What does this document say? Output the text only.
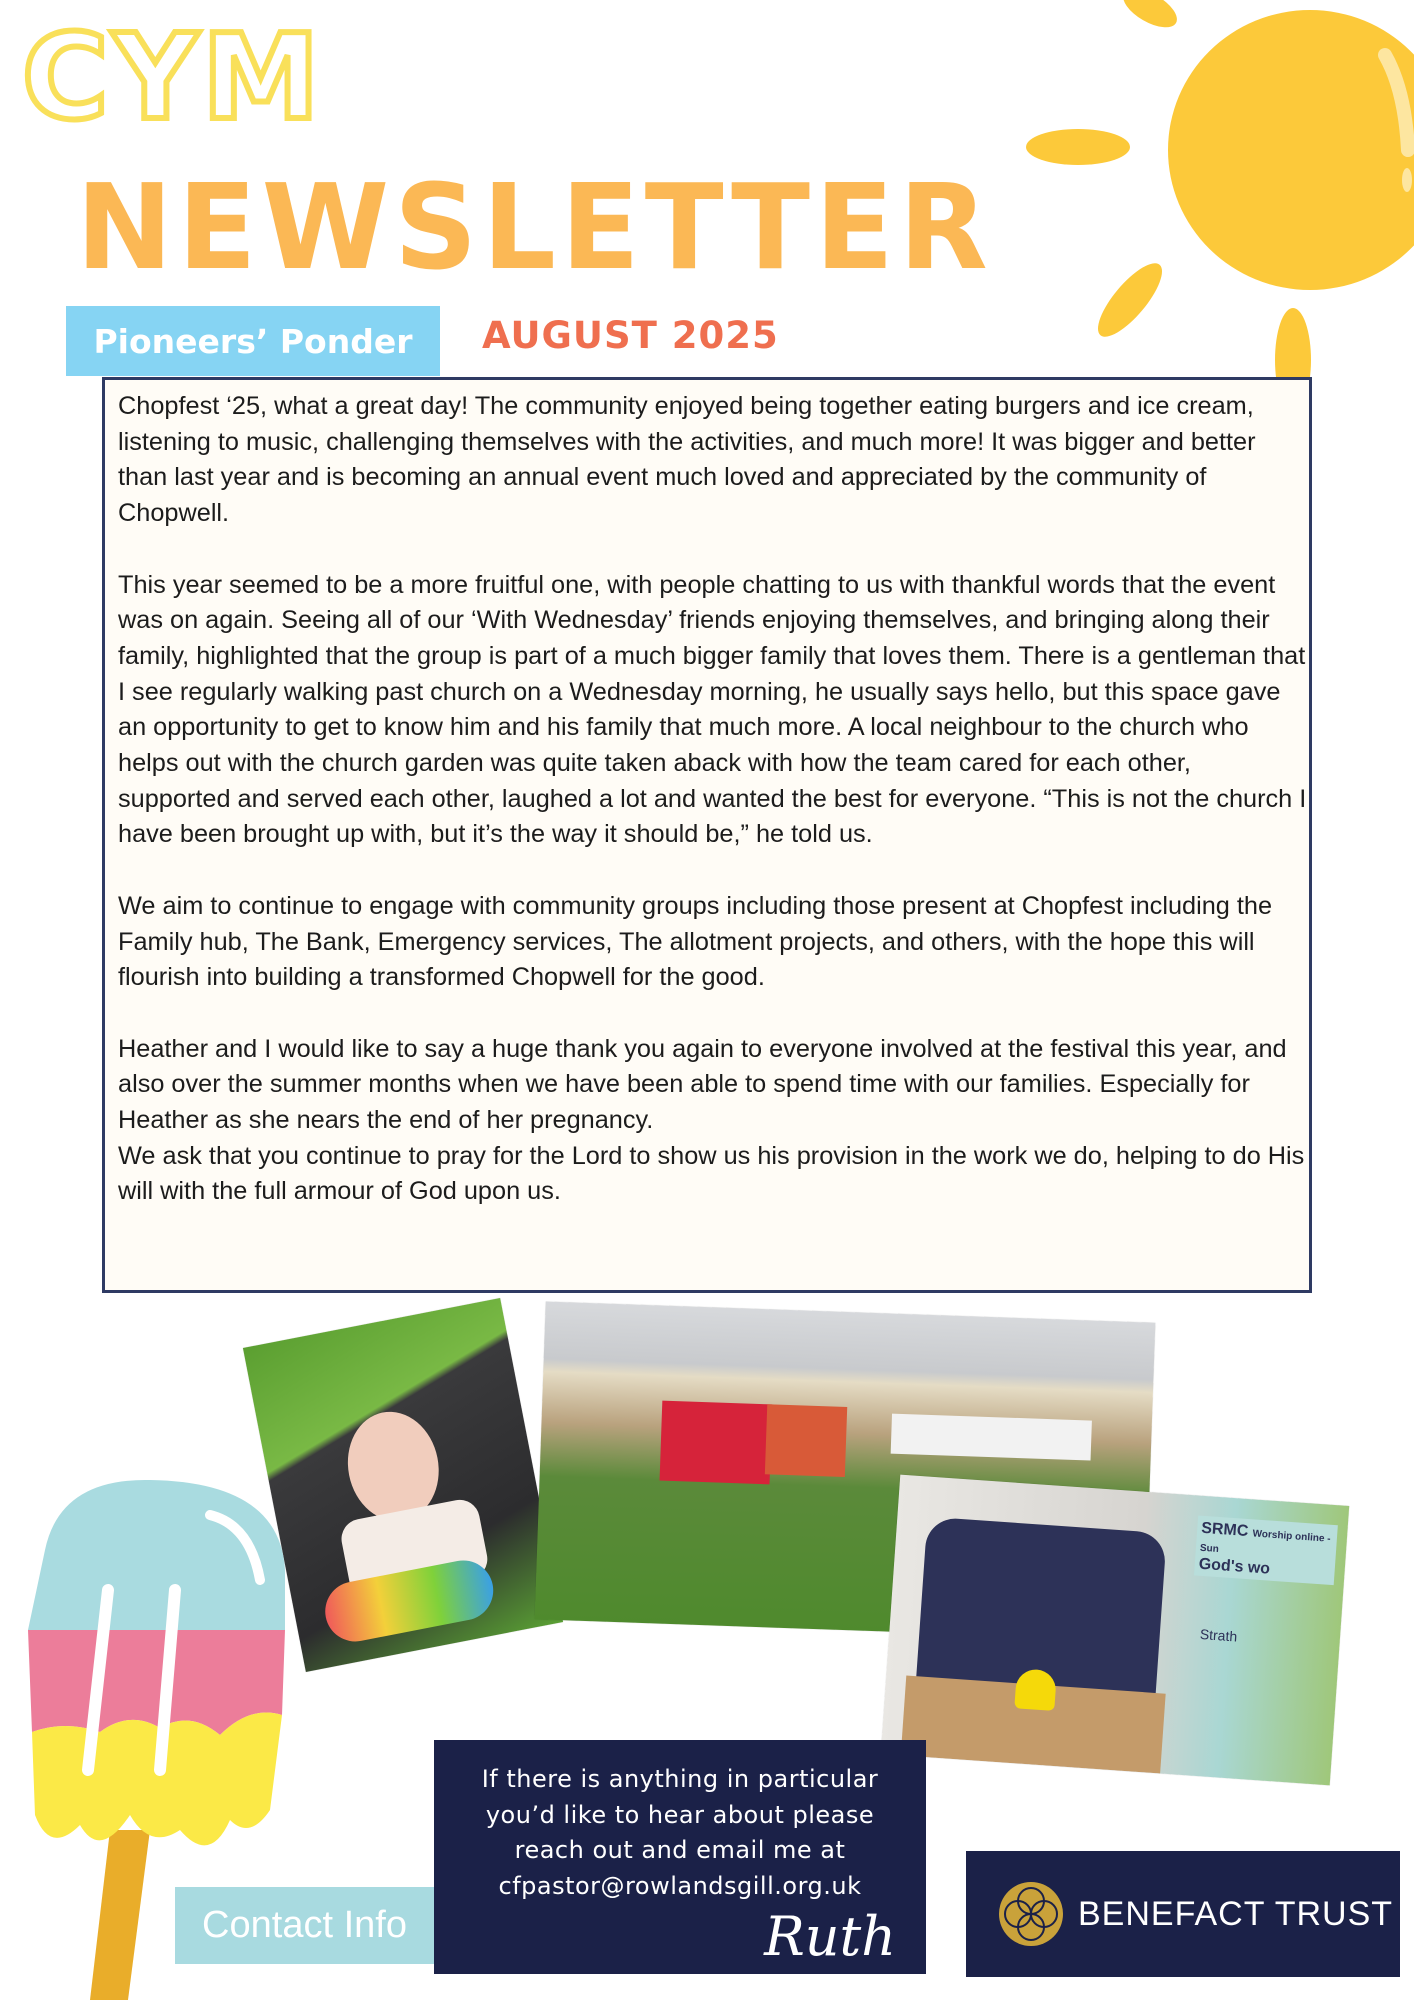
CYM
NEWSLETTER
Pioneers’ Ponder	AUGUST 2025

Chopfest ‘25, what a great day! The community enjoyed being together eating burgers and ice cream, listening to music, challenging themselves with the activities, and much more! It was bigger and better than last year and is becoming an annual event much loved and appreciated by the community of Chopwell.

This year seemed to be a more fruitful one, with people chatting to us with thankful words that the event was on again. Seeing all of our ‘With Wednesday’ friends enjoying themselves, and bringing along their family, highlighted that the group is part of a much bigger family that loves them. There is a gentleman that I see regularly walking past church on a Wednesday morning, he usually says hello, but this space gave an opportunity to get to know him and his family that much more. A local neighbour to the church who helps out with the church garden was quite taken aback with how the team cared for each other, supported and served each other, laughed a lot and wanted the best for everyone. “This is not the church I have been brought up with, but it’s the way it should be,” he told us.

We aim to continue to engage with community groups including those present at Chopfest including the Family hub, The Bank, Emergency services, The allotment projects, and others, with the hope this will flourish into building a transformed Chopwell for the good.

Heather and I would like to say a huge thank you again to everyone involved at the festival this year, and also over the summer months when we have been able to spend time with our families. Especially for Heather as she nears the end of her pregnancy.

We ask that you continue to pray for the Lord to show us his provision in the work we do, helping to do His will with the full armour of God upon us.

SRMC Worship online - Sun
God's wo
Strath
Contact Info
If there is anything in particular
you’d like to hear about please
reach out and email me at
cfpastor@rowlandsgill.org.uk
Ruth	BENEFACT TRUST
